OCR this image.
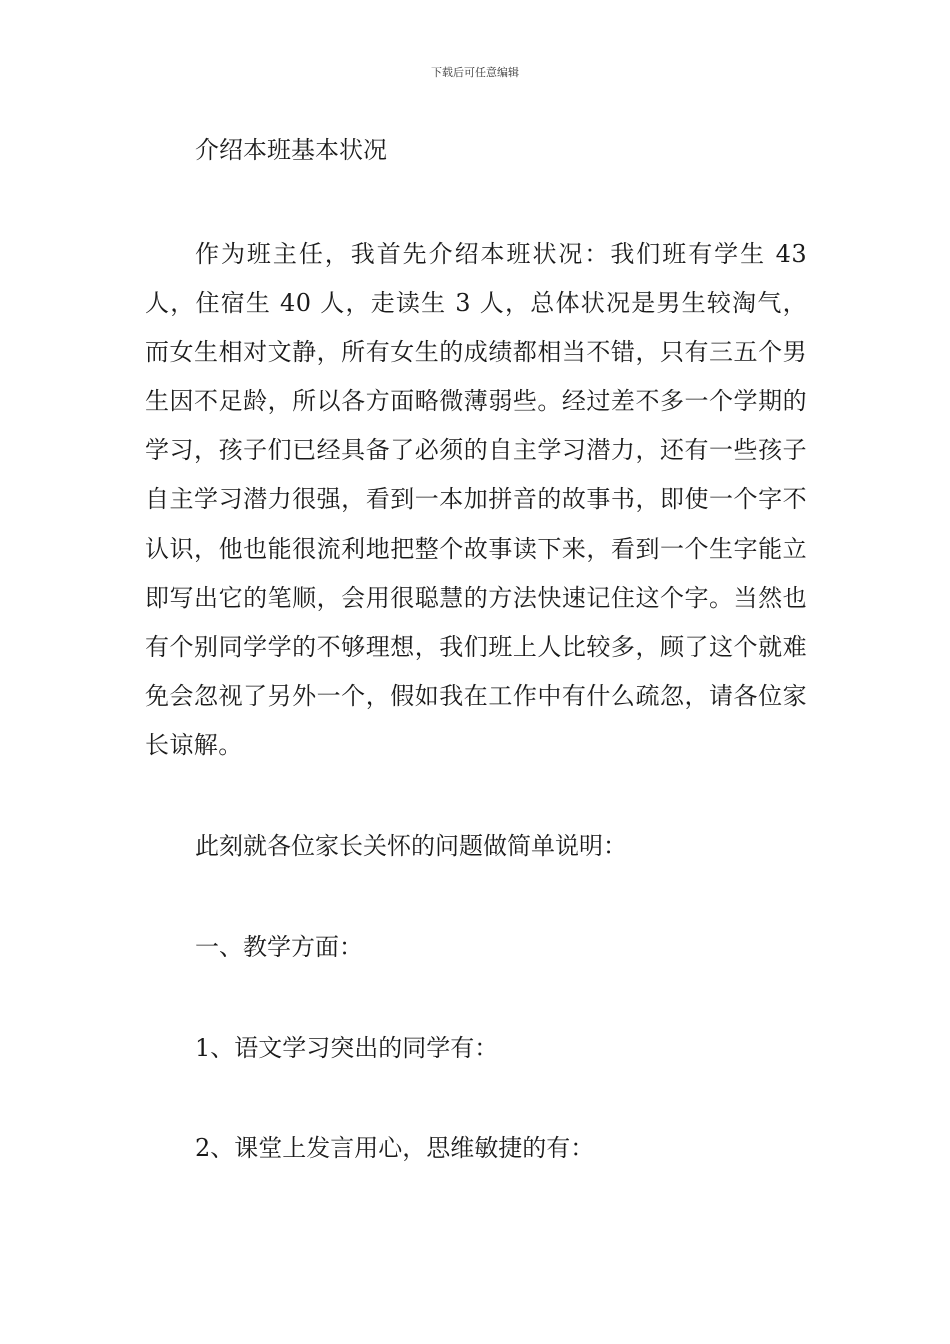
下载后可任意编辑
介绍本班基本状况

作为班主任，我首先介绍本班状况：我们班有学生 43 人，住宿生 40 人，走读生 3 人，总体状况是男生较淘气，而女生相对文静，所有女生的成绩都相当不错，只有三五个男生因不足龄，所以各方面略微薄弱些。经过差不多一个学期的学习，孩子们已经具备了必须的自主学习潜力，还有一些孩子自主学习潜力很强，看到一本加拼音的故事书，即使一个字不认识，他也能很流利地把整个故事读下来，看到一个生字能立即写出它的笔顺，会用很聪慧的方法快速记住这个字。当然也有个别同学学的不够理想，我们班上人比较多，顾了这个就难免会忽视了另外一个，假如我在工作中有什么疏忽，请各位家长谅解。

此刻就各位家长关怀的问题做简单说明：

一、教学方面：

1、语文学习突出的同学有：

2、课堂上发言用心，思维敏捷的有：
